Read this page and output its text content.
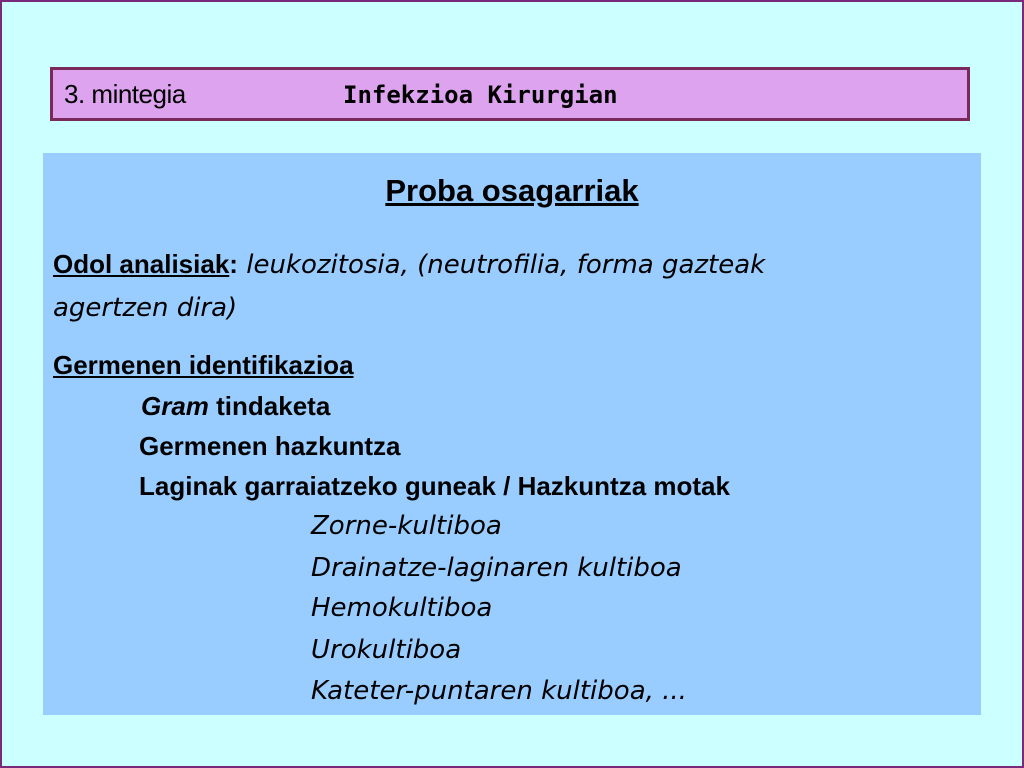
3. mintegia	Infekzioa Kirurgian
Proba osagarriak
Odol analisiak: leukozitosia, (neutrofilia, forma gazteak
agertzen dira)
Germenen identifikazioa
Gram tindaketa
Germenen hazkuntza
Laginak garraiatzeko guneak / Hazkuntza motak
Zorne-kultiboa
Drainatze-laginaren kultiboa
Hemokultiboa
Urokultiboa
Kateter-puntaren kultiboa, ...
